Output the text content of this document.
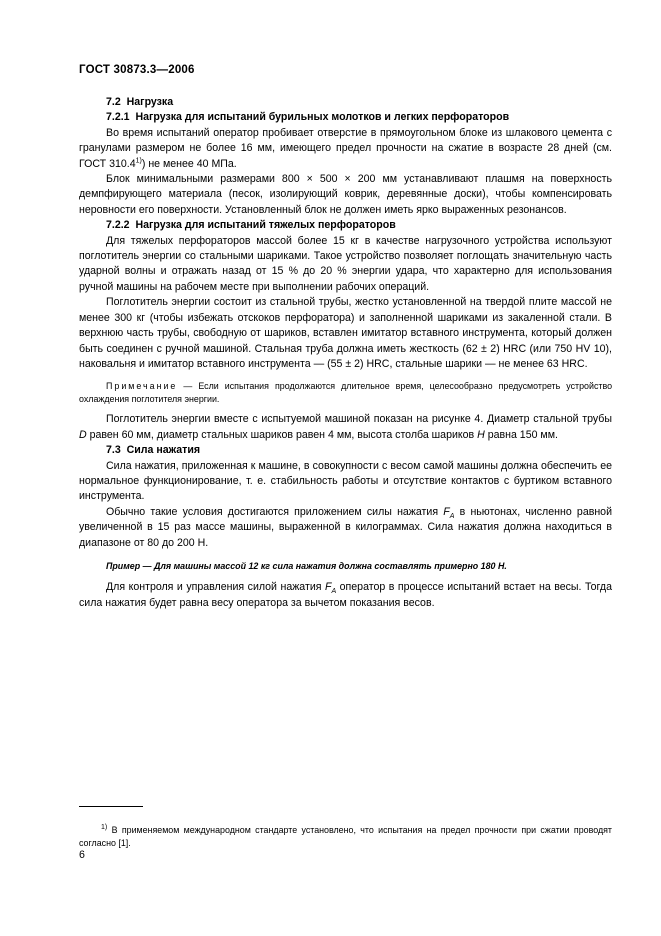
ГОСТ 30873.3—2006

7.2 Нагрузка

7.2.1 Нагрузка для испытаний бурильных молотков и легких перфораторов

Во время испытаний оператор пробивает отверстие в прямоугольном блоке из шлакового цемента с гранулами размером не более 16 мм, имеющего предел прочности на сжатие в возрасте 28 дней (см. ГОСТ 310.4$^{1)}$) не менее 40 МПа.

Блок минимальными размерами 800 × 500 × 200 мм устанавливают плашмя на поверхность демпфирующего материала (песок, изолирующий коврик, деревянные доски), чтобы компенсировать неровности его поверхности. Установленный блок не должен иметь ярко выраженных резонансов.

7.2.2 Нагрузка для испытаний тяжелых перфораторов

Для тяжелых перфораторов массой более 15 кг в качестве нагрузочного устройства используют поглотитель энергии со стальными шариками. Такое устройство позволяет поглощать значительную часть ударной волны и отражать назад от 15 % до 20 % энергии удара, что характерно для использования ручной машины на рабочем месте при выполнении рабочих операций.

Поглотитель энергии состоит из стальной трубы, жестко установленной на твердой плите массой не менее 300 кг (чтобы избежать отскоков перфоратора) и заполненной шариками из закаленной стали. В верхнюю часть трубы, свободную от шариков, вставлен имитатор вставного инструмента, который должен быть соединен с ручной машиной. Стальная труба должна иметь жесткость (62 ± 2) HRC (или 750 HV 10), наковальня и имитатор вставного инструмента — (55 ± 2) HRC, стальные шарики — не менее 63 HRC.

Примечание — Если испытания продолжаются длительное время, целесообразно предусмотреть устройство охлаждения поглотителя энергии.

Поглотитель энергии вместе с испытуемой машиной показан на рисунке 4. Диаметр стальной трубы D равен 60 мм, диаметр стальных шариков равен 4 мм, высота столба шариков H равна 150 мм.

7.3 Сила нажатия

Сила нажатия, приложенная к машине, в совокупности с весом самой машины должна обеспечить ее нормальное функционирование, т. е. стабильность работы и отсутствие контактов с буртиком вставного инструмента.

Обычно такие условия достигаются приложением силы нажатия $F_A$ в ньютонах, численно равной увеличенной в 15 раз массе машины, выраженной в килограммах. Сила нажатия должна находиться в диапазоне от 80 до 200 Н.

Пример — Для машины массой 12 кг сила нажатия должна составлять примерно 180 Н.

Для контроля и управления силой нажатия $F_A$ оператор в процессе испытаний встает на весы. Тогда сила нажатия будет равна весу оператора за вычетом показания весов.

$^{1)}$ В применяемом международном стандарте установлено, что испытания на предел прочности при сжатии проводят согласно [1].

6
